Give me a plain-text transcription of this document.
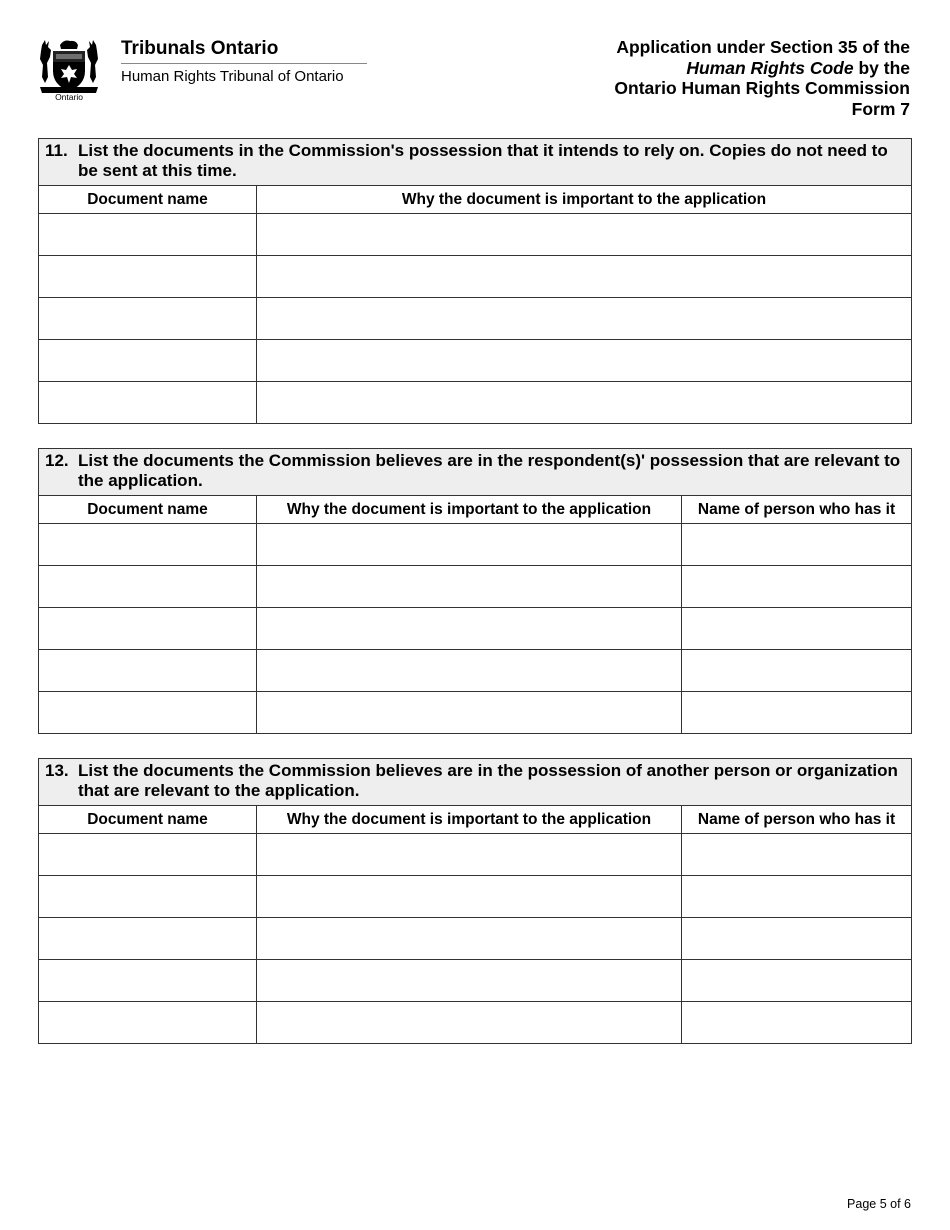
Ontario
Tribunals Ontario
Human Rights Tribunal of Ontario
Application under Section 35 of the
Human Rights Code by the
Ontario Human Rights Commission
Form 7
11. List the documents in the Commission's possession that it intends to rely on. Copies do not need to be sent at this time.	

Document name	Why the document is important to the application

12. List the documents the Commission believes are in the respondent(s)' possession that are relevant to the application.		

Document name	Why the document is important to the application	Name of person who has it

13. List the documents the Commission believes are in the possession of another person or organization that are relevant to the application.		

Document name	Why the document is important to the application	Name of person who has it

Page 5 of 6
